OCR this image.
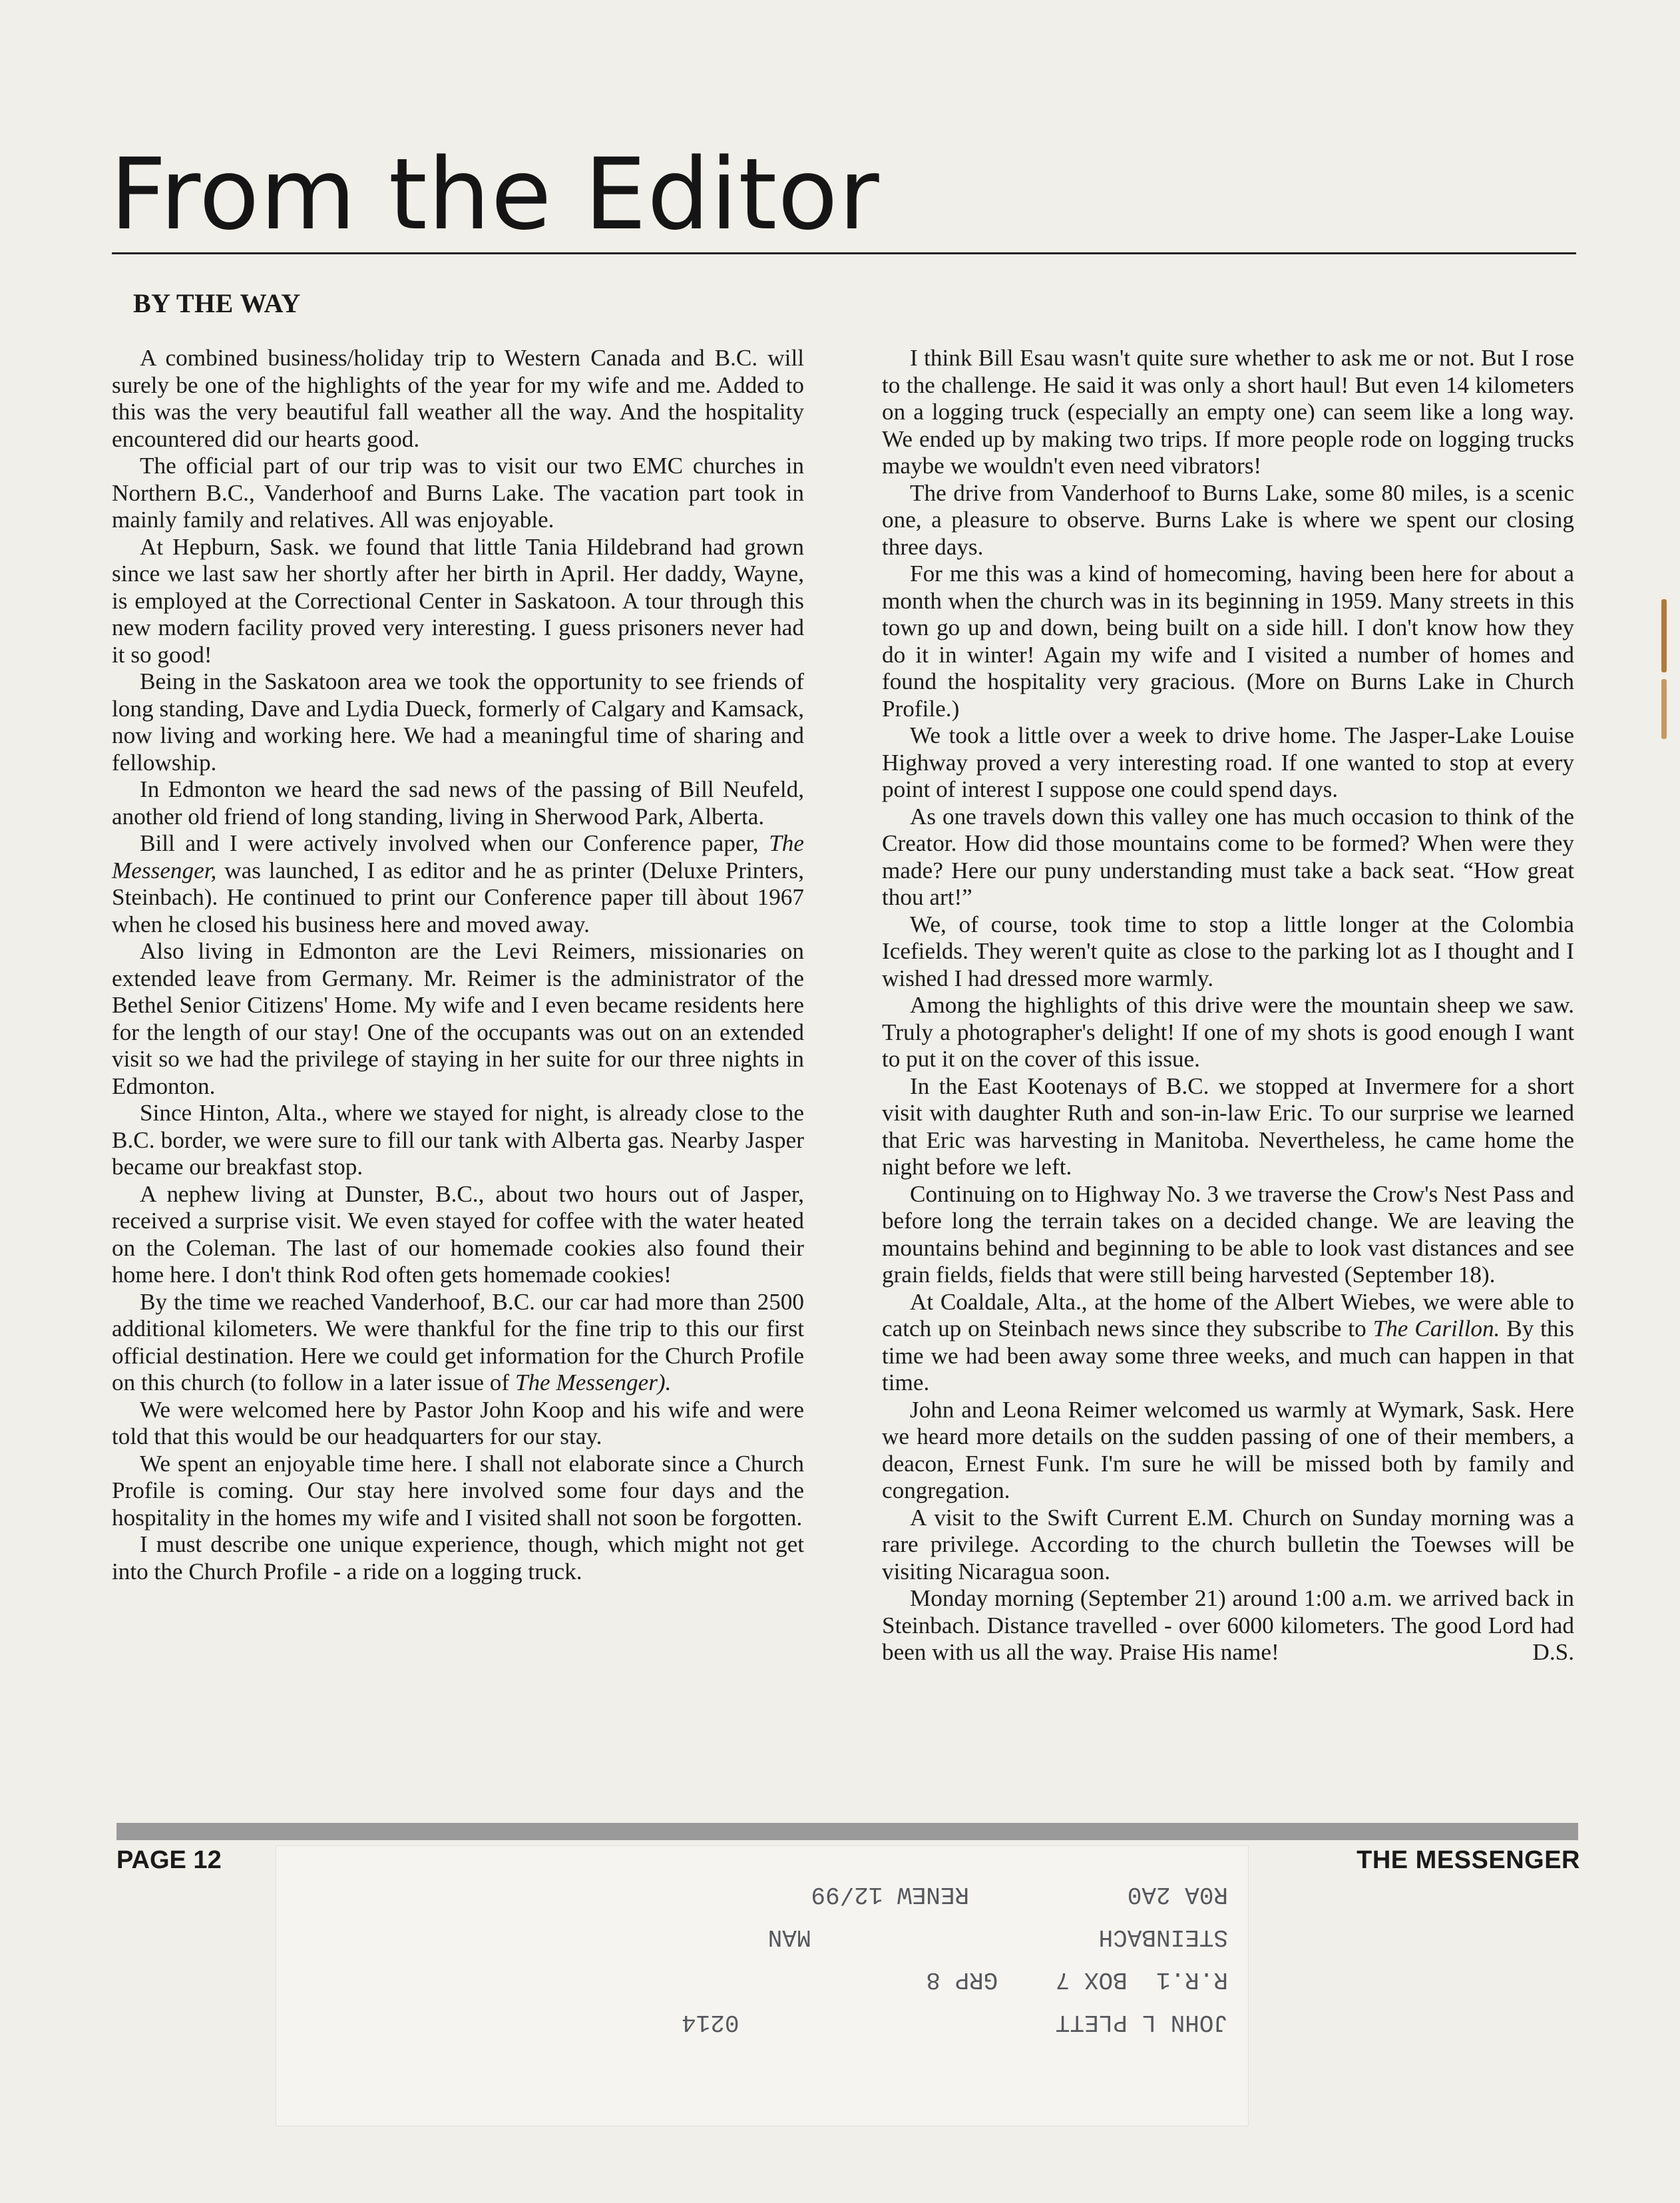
From the Editor
BY THE WAY

A combined business/holiday trip to Western Canada and B.C. will surely be one of the highlights of the year for my wife and me. Added to this was the very beautiful fall weather all the way. And the hospitality encountered did our hearts good.

The official part of our trip was to visit our two EMC churches in Northern B.C., Vanderhoof and Burns Lake. The vacation part took in mainly family and relatives. All was enjoyable.

At Hepburn, Sask. we found that little Tania Hildebrand had grown since we last saw her shortly after her birth in April. Her daddy, Wayne, is employed at the Correctional Center in Saskatoon. A tour through this new modern facility proved very interesting. I guess prisoners never had it so good!

Being in the Saskatoon area we took the opportunity to see friends of long standing, Dave and Lydia Dueck, formerly of Calgary and Kamsack, now living and working here. We had a meaningful time of sharing and fellowship.

In Edmonton we heard the sad news of the passing of Bill Neufeld, another old friend of long standing, living in Sherwood Park, Alberta.

Bill and I were actively involved when our Conference paper, The Messenger, was launched, I as editor and he as printer (Deluxe Printers, Steinbach). He continued to print our Conference paper till àbout 1967 when he closed his business here and moved away.

Also living in Edmonton are the Levi Reimers, missionaries on extended leave from Germany. Mr. Reimer is the administrator of the Bethel Senior Citizens' Home. My wife and I even became residents here for the length of our stay! One of the occupants was out on an extended visit so we had the privilege of staying in her suite for our three nights in Edmonton.

Since Hinton, Alta., where we stayed for night, is already close to the B.C. border, we were sure to fill our tank with Alberta gas. Nearby Jasper became our breakfast stop.

A nephew living at Dunster, B.C., about two hours out of Jasper, received a surprise visit. We even stayed for coffee with the water heated on the Coleman. The last of our homemade cookies also found their home here. I don't think Rod often gets homemade cookies!

By the time we reached Vanderhoof, B.C. our car had more than 2500 additional kilometers. We were thankful for the fine trip to this our first official destination. Here we could get information for the Church Profile on this church (to follow in a later issue of The Messenger).

We were welcomed here by Pastor John Koop and his wife and were told that this would be our headquarters for our stay.

We spent an enjoyable time here. I shall not elaborate since a Church Profile is coming. Our stay here involved some four days and the hospitality in the homes my wife and I visited shall not soon be forgotten.

I must describe one unique experience, though, which might not get into the Church Profile - a ride on a logging truck.

I think Bill Esau wasn't quite sure whether to ask me or not. But I rose to the challenge. He said it was only a short haul! But even 14 kilometers on a logging truck (especially an empty one) can seem like a long way. We ended up by making two trips. If more people rode on logging trucks maybe we wouldn't even need vibrators!

The drive from Vanderhoof to Burns Lake, some 80 miles, is a scenic one, a pleasure to observe. Burns Lake is where we spent our closing three days.

For me this was a kind of homecoming, having been here for about a month when the church was in its beginning in 1959. Many streets in this town go up and down, being built on a side hill. I don't know how they do it in winter! Again my wife and I visited a number of homes and found the hospitality very gracious. (More on Burns Lake in Church Profile.)

We took a little over a week to drive home. The Jasper-Lake Louise Highway proved a very interesting road. If one wanted to stop at every point of interest I suppose one could spend days.

As one travels down this valley one has much occasion to think of the Creator. How did those mountains come to be formed? When were they made? Here our puny understanding must take a back seat. “How great thou art!”

We, of course, took time to stop a little longer at the Colombia Icefields. They weren't quite as close to the parking lot as I thought and I wished I had dressed more warmly.

Among the highlights of this drive were the mountain sheep we saw. Truly a photographer's delight! If one of my shots is good enough I want to put it on the cover of this issue.

In the East Kootenays of B.C. we stopped at Invermere for a short visit with daughter Ruth and son-in-law Eric. To our surprise we learned that Eric was harvesting in Manitoba. Nevertheless, he came home the night before we left.

Continuing on to Highway No. 3 we traverse the Crow's Nest Pass and before long the terrain takes on a decided change. We are leaving the mountains behind and beginning to be able to look vast distances and see grain fields, fields that were still being harvested (September 18).

At Coaldale, Alta., at the home of the Albert Wiebes, we were able to catch up on Steinbach news since they subscribe to The Carillon. By this time we had been away some three weeks, and much can happen in that time.

John and Leona Reimer welcomed us warmly at Wymark, Sask. Here we heard more details on the sudden passing of one of their members, a deacon, Ernest Funk. I'm sure he will be missed both by family and congregation.

A visit to the Swift Current E.M. Church on Sunday morning was a rare privilege. According to the church bulletin the Toewses will be visiting Nicaragua soon.

Monday morning (September 21) around 1:00 a.m. we arrived back in Steinbach. Distance travelled - over 6000 kilometers. The good Lord had been with us all the way. Praise His name!	D.S.

PAGE 12	THE MESSENGER
JOHN L PLETT                      0214
R.R.1  BOX 7    GRP 8
STEINBACH                    MAN
R0A 2A0           RENEW 12/99
